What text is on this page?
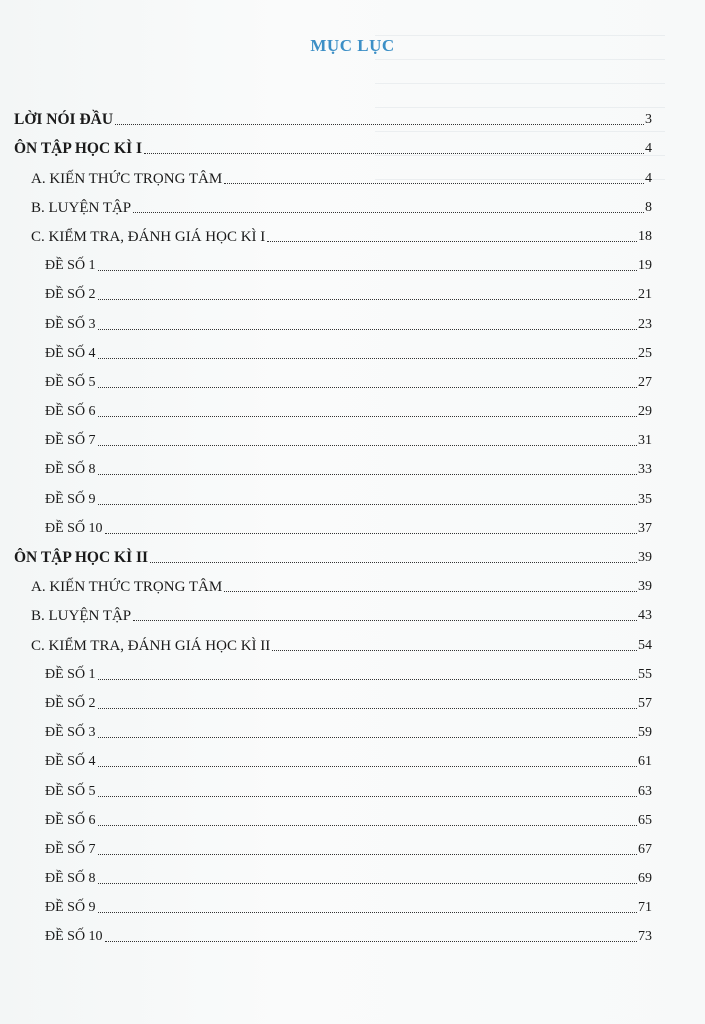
MỤC LỤC
LỜI NÓI ĐẦU	3
ÔN TẬP HỌC KÌ I	4
A. KIẾN THỨC TRỌNG TÂM	4
B. LUYỆN TẬP	8
C. KIỂM TRA, ĐÁNH GIÁ HỌC KÌ I	18
ĐỀ SỐ 1	19
ĐỀ SỐ 2	21
ĐỀ SỐ 3	23
ĐỀ SỐ 4	25
ĐỀ SỐ 5	27
ĐỀ SỐ 6	29
ĐỀ SỐ 7	31
ĐỀ SỐ 8	33
ĐỀ SỐ 9	35
ĐỀ SỐ 10	37
ÔN TẬP HỌC KÌ II	39
A. KIẾN THỨC TRỌNG TÂM	39
B. LUYỆN TẬP	43
C. KIỂM TRA, ĐÁNH GIÁ HỌC KÌ II	54
ĐỀ SỐ 1	55
ĐỀ SỐ 2	57
ĐỀ SỐ 3	59
ĐỀ SỐ 4	61
ĐỀ SỐ 5	63
ĐỀ SỐ 6	65
ĐỀ SỐ 7	67
ĐỀ SỐ 8	69
ĐỀ SỐ 9	71
ĐỀ SỐ 10	73
